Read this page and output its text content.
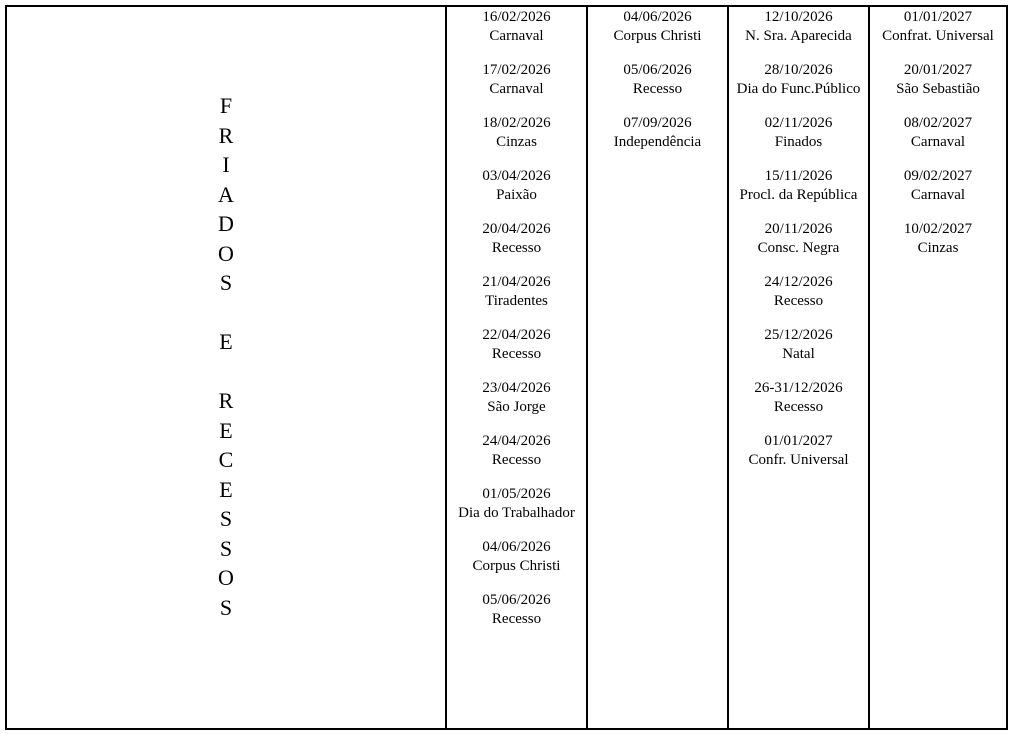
F
R
I
A
D
O
S
E
R
E
C
E
S
S
O
S
16/02/2026
Carnaval
17/02/2026
Carnaval
18/02/2026
Cinzas
03/04/2026
Paixão
20/04/2026
Recesso
21/04/2026
Tiradentes
22/04/2026
Recesso
23/04/2026
São Jorge
24/04/2026
Recesso
01/05/2026
Dia do Trabalhador
04/06/2026
Corpus Christi
05/06/2026
Recesso
04/06/2026
Corpus Christi
05/06/2026
Recesso
07/09/2026
Independência
12/10/2026
N. Sra. Aparecida
28/10/2026
Dia do Func.Público
02/11/2026
Finados
15/11/2026
Procl. da República
20/11/2026
Consc. Negra
24/12/2026
Recesso
25/12/2026
Natal
26-31/12/2026
Recesso
01/01/2027
Confr. Universal
01/01/2027
Confrat. Universal
20/01/2027
São Sebastião
08/02/2027
Carnaval
09/02/2027
Carnaval
10/02/2027
Cinzas
